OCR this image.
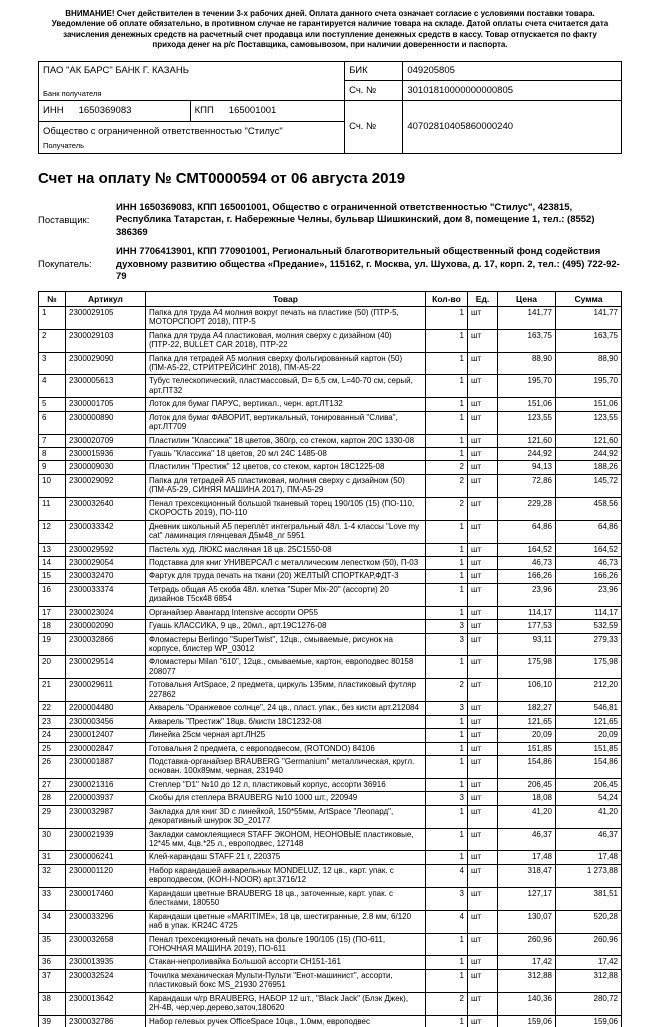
ВНИМАНИЕ! Счет действителен в течении 3-х рабочих дней. Оплата данного счета означает согласие с условиями поставки товара. Уведомление об оплате обязательно, в противном случае не гарантируется наличие товара на складе. Датой оплаты счета считается дата зачисления денежных средств на расчетный счет продавца или поступление денежных средств в кассу. Товар отпускается по факту прихода денег на р/с Поставщика, самовывозом, при наличии доверенности и паспорта.

ПАО "АК БАРС" БАНК Г. КАЗАНЬ
Банк получателя		БИК	049205805
		Сч. №	30101810000000000805
ИНН 1650369083	КПП 165001001	Сч. №	40702810405860000240
Общество с ограниченной ответственностью "Стилус"			
Получатель			
Счет на оплату № СМТ0000594 от 06 августа 2019
Поставщик:
ИНН 1650369083, КПП 165001001, Общество с ограниченной ответственностью "Стилус", 423815, Республика Татарстан, г. Набережные Челны, бульвар Шишкинский, дом 8, помещение 1, тел.: (8552) 386369
Покупатель:
ИНН 7706413901, КПП 770901001, Региональный благотворительный общественный фонд содействия духовному развитию общества «Предание», 115162, г. Москва, ул. Шухова, д. 17, корп. 2, тел.: (495) 722-92-79
№	Артикул	Товар	Кол-во	Ед.	Цена	Сумма
1	2300029105	Папка для труда А4 молния вокруг печать на пластике (50) (ПТР-5, МОТОРСПОРТ 2018), ПТР-5	1	шт	141,77	141,77
2	2300029103	Папка для труда А4 пластиковая, молния сверху с дизайном (40) (ПТР-22, BULLET CAR 2018), ПТР-22	1	шт	163,75	163,75
3	2300029090	Папка для тетрадей А5 молния сверху фольгированный картон (50) (ПМ-А5-22, СТРИТРЕЙСИНГ 2018), ПМ-А5-22	1	шт	88,90	88,90
4	2300005613	Тубус телескопический, пластмассовый, D= 6,5 см, L=40-70 см, серый, арт.ПТ32	1	шт	195,70	195,70
5	2300001705	Лоток для бумаг ПАРУС, вертикал., черн. арт.ЛТ132	1	шт	151,06	151,06
6	2300000890	Лоток для бумаг ФАВОРИТ, вертикальный, тонированный "Слива", арт.ЛТ709	1	шт	123,55	123,55
7	2300020709	Пластилин "Классика" 18 цветов, 360гр, со стеком, картон 20С 1330-08	1	шт	121,60	121,60
8	2300015936	Гуашь "Классика" 18 цветов, 20 мл 24С 1485-08	1	шт	244,92	244,92
9	2300009030	Пластилин "Престиж" 12 цветов, со стеком, картон 18С1225-08	2	шт	94,13	188,26
10	2300029092	Папка для тетрадей А5 пластиковая, молния сверху с дизайном (50) (ПМ-А5-29, СИНЯЯ МАШИНА 2017), ПМ-А5-29	2	шт	72,86	145,72
11	2300032640	Пенал трехсекционный большой тканевый торец 190/105 (15) (ПО-110, СКОРОСТЬ 2019), ПО-110	2	шт	229,28	458,56
12	2300033342	Дневник школьный А5 переплёт интегральный 48л. 1-4 классы "Love my cat" ламинация глянцевая Д5м48_лг 5951	1	шт	64,86	64,86
13	2300029592	Пастель худ. ЛЮКС масляная 18 цв. 25С1550-08	1	шт	164,52	164,52
14	2300029054	Подставка для книг УНИВЕРСАЛ с металлическим лепестком (50), П-03	1	шт	46,73	46,73
15	2300032470	Фартук для труда печать на ткани (20) ЖЕЛТЫЙ СПОРТКАР,ФДТ-3	1	шт	166,26	166,26
16	2300033374	Тетрадь общая А5 скоба 48л. клетка "Super Mix-20" (ассорти) 20 дизайнов Т5ск48 6854	1	шт	23,96	23,96
17	2300023024	Органайзер Авангард Intensive ассорти ОР55	1	шт	114,17	114,17
18	2300002090	Гуашь КЛАССИКА, 9 цв., 20мл., арт.19С1276-08	3	шт	177,53	532,59
19	2300032866	Фломастеры Berlingo "SuperTwist", 12цв., смываемые, рисунок на корпусе, блистер WP_03012	3	шт	93,11	279,33
20	2300029514	Фломастеры Milan "610", 12цв., смываемые, картон, европодвес 80158 208077	1	шт	175,98	175,98
21	2300029611	Готовальня ArtSpace, 2 предмета, циркуль 135мм, пластиковый футляр 227862	2	шт	106,10	212,20
22	2200004480	Акварель "Оранжевое солнце", 24 цв., пласт. упак., без кисти арт.212084	3	шт	182,27	546,81
23	2300003456	Акварель "Престиж" 18цв. б/кисти 18С1232-08	1	шт	121,65	121,65
24	2300012407	Линейка 25см черная арт.ЛН25	1	шт	20,09	20,09
25	2300002847	Готовальня 2 предмета, с европодвесом, (ROTONDO) 84106	1	шт	151,85	151,85
26	2300001887	Подставка-органайзер BRAUBERG "Germanium" металлическая, кругл. основан. 100х89мм, черная, 231940	1	шт	154,86	154,86
27	2300021316	Степлер "D1" №10 до 12 л, пластиковый корпус, ассорти 36916	1	шт	206,45	206,45
28	2200003937	Скобы для степлера BRAUBERG №10 1000 шт., 220949	3	шт	18,08	54,24
29	2300032987	Закладка для книг 3D с линейкой, 150*55мм, ArtSpace "Леопард", декоративный шнурок 3D_20177	1	шт	41,20	41,20
30	2300021939	Закладки самоклеящиеся STAFF ЭКОНОМ, НЕОНОВЫЕ пластиковые, 12*45 мм, 4цв.*25 л., европодвес, 127148	1	шт	46,37	46,37
31	2300006241	Клей-карандаш STAFF 21 г, 220375	1	шт	17,48	17,48
32	2300001120	Набор карандашей акварельных MONDELUZ, 12 цв., карт. упак. с европодвесом, (KOH-I-NOOR) арт.3716/12	4	шт	318,47	1 273,88
33	2300017460	Карандаши цветные BRAUBERG 18 цв., заточенные, карт. упак. с блестками, 180550	3	шт	127,17	381,51
34	2300033296	Карандаши цветные «MARITIME», 18 цв, шестигранные, 2.8 мм, 6/120 наб в упак. KR24C 4725	4	шт	130,07	520,28
35	2300032658	Пенал трехсекционный печать на фольге 190/105 (15) (ПО-611, ГОНОЧНАЯ МАШИНА 2019), ПО-611	1	шт	260,96	260,96
36	2300013935	Стакан-непроливайка Большой ассорти СН151-161	1	шт	17,42	17,42
37	2300032524	Точилка механическая Мульти-Пульти "Енот-машинист", ассорти, пластиковый бокс MS_21930 276951	1	шт	312,88	312,88
38	2300013642	Карандаши ч/гр BRAUBERG, НАБОР 12 шт., "Black Jack" (Блэк Джек), 2Н-4В, чер,чер.дерево,заточ,180620	2	шт	140,36	280,72
39	2300032786	Набор гелевых ручек OfficeSpace 10цв., 1.0мм, европодвес	1	шт	159,06	159,06
